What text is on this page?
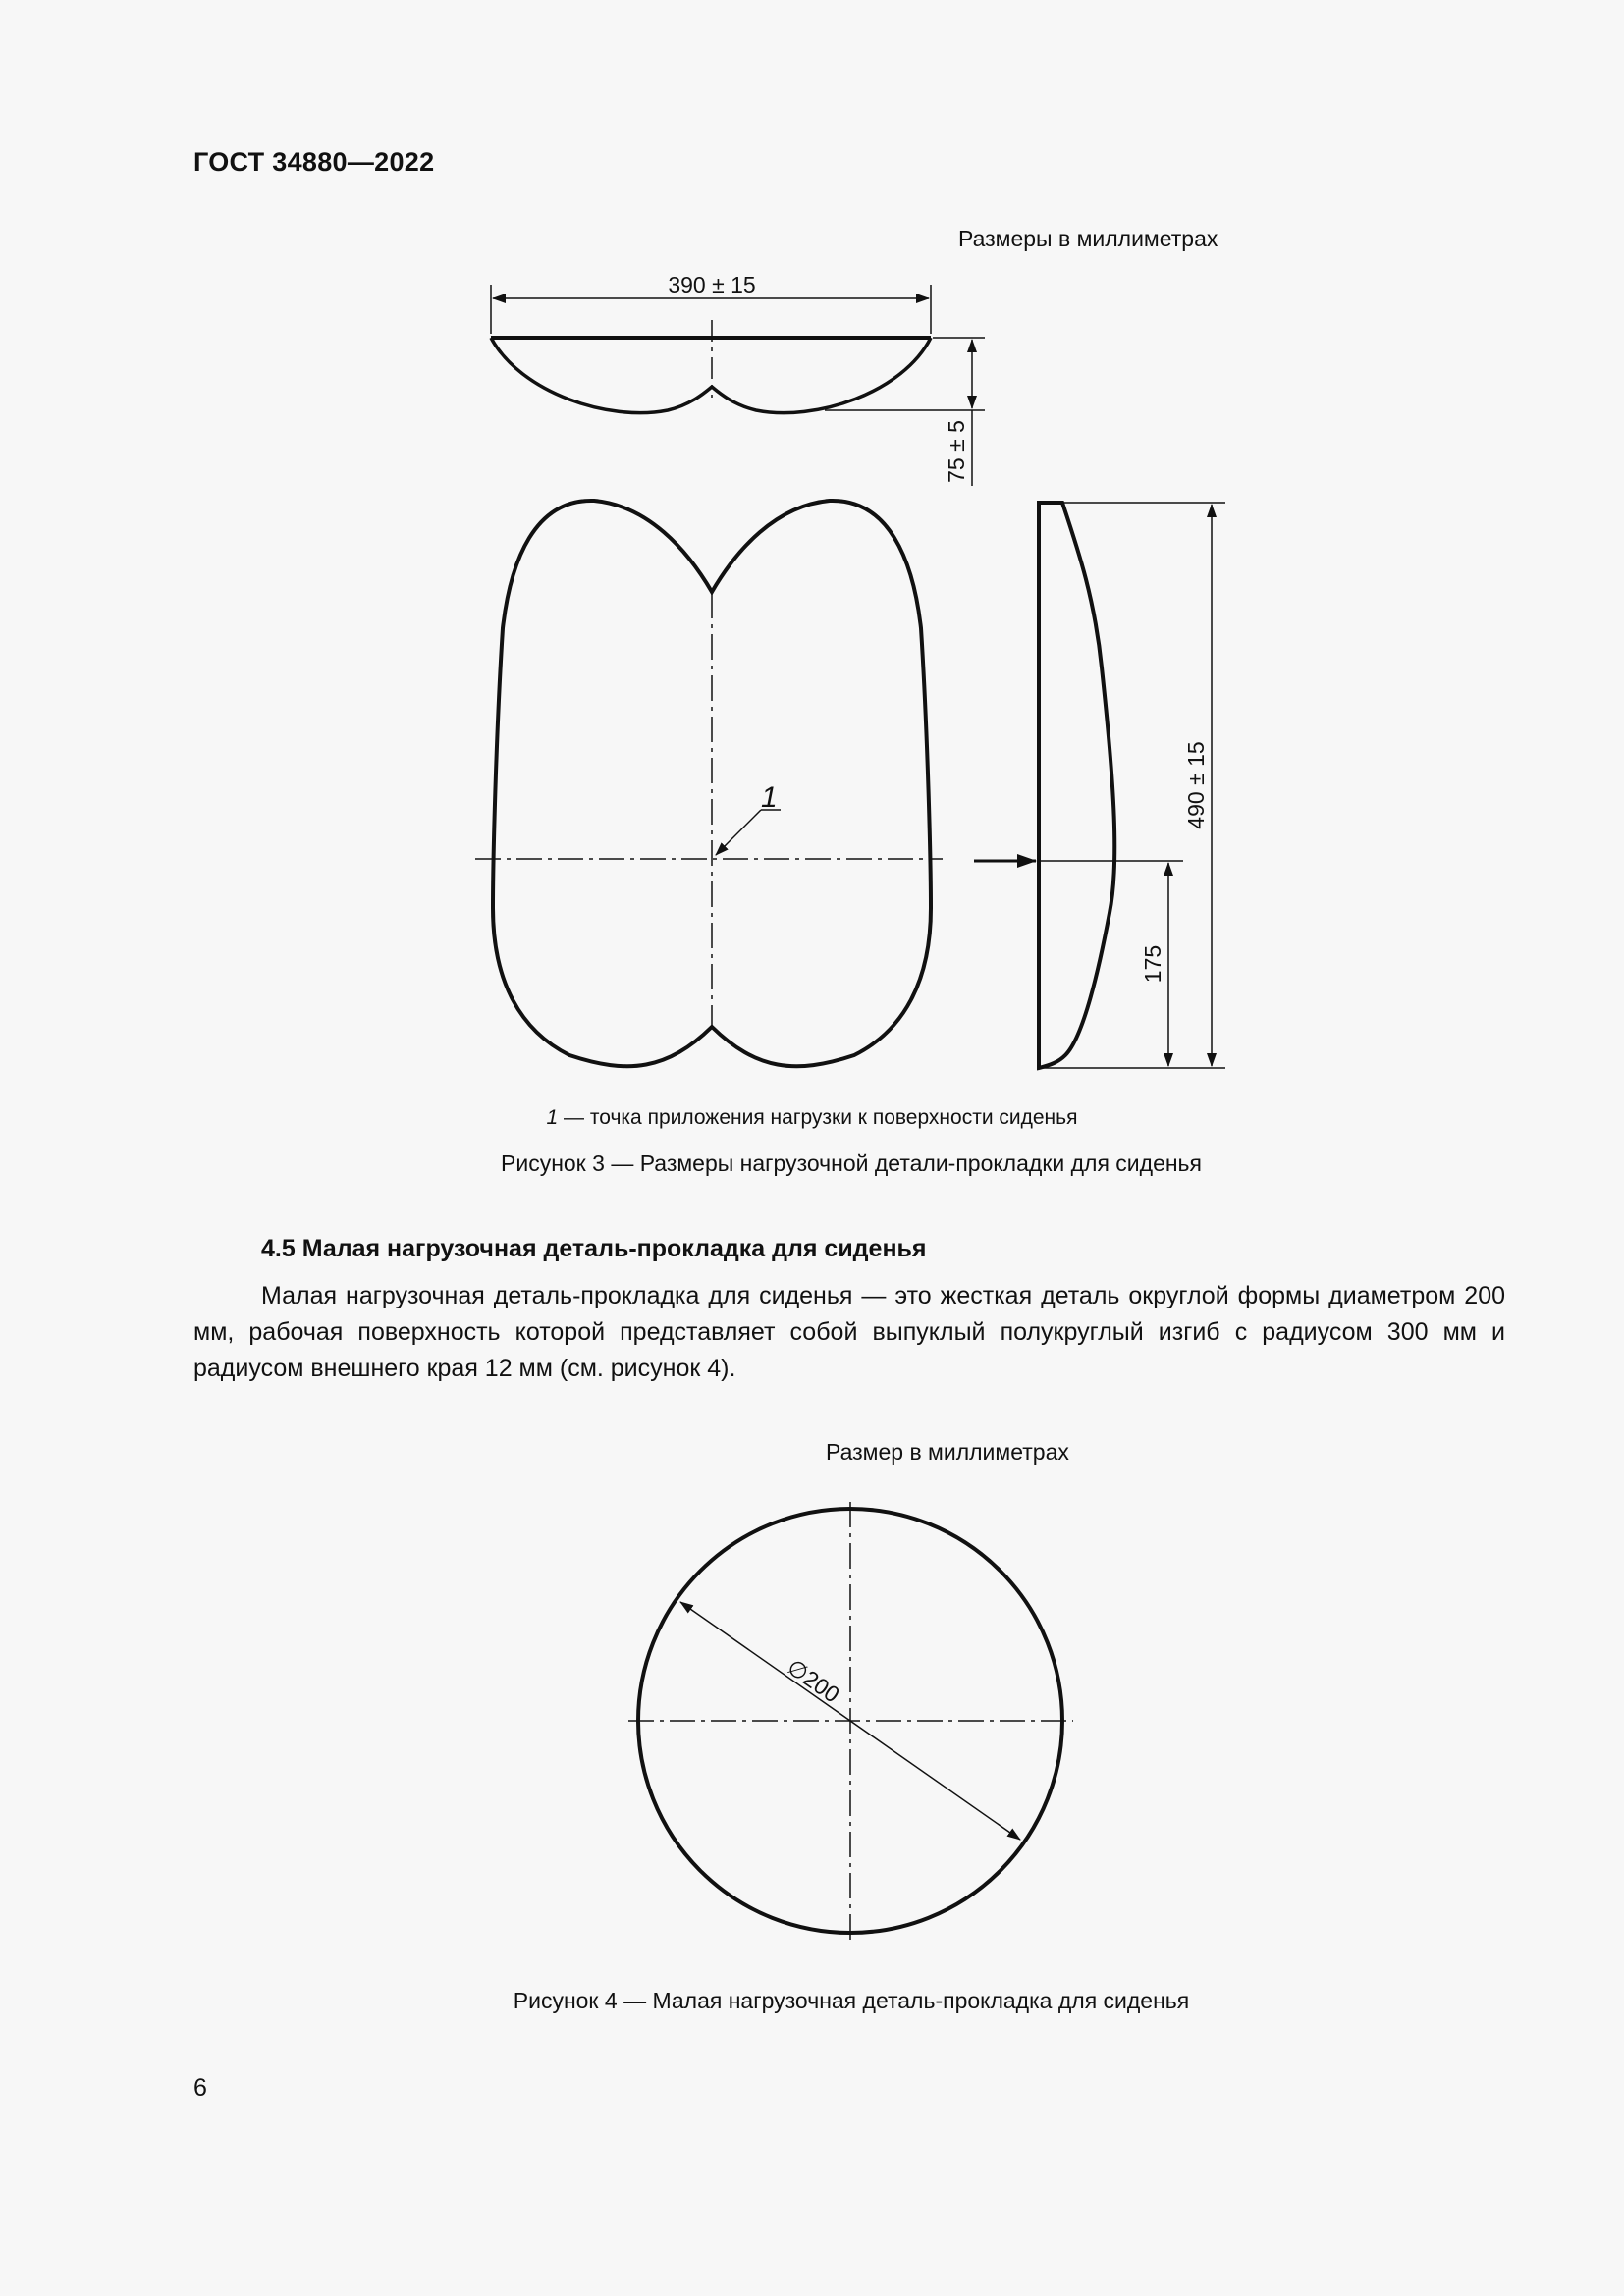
ГОСТ 34880—2022
Размеры в миллиметрах
390 ± 15
75 ± 5
1	490 ± 15
175
∅200
1 — точка приложения нагрузки к поверхности сиденья
Рисунок 3 — Размеры нагрузочной детали-прокладки для сиденья
4.5 Малая нагрузочная деталь-прокладка для сиденья
Малая нагрузочная деталь-прокладка для сиденья — это жесткая деталь округлой формы диаметром 200 мм, рабочая поверхность которой представляет собой выпуклый полукруглый изгиб с радиусом 300 мм и радиусом внешнего края 12 мм (см. рисунок 4).
Размер в миллиметрах
Рисунок 4 — Малая нагрузочная деталь-прокладка для сиденья
6
